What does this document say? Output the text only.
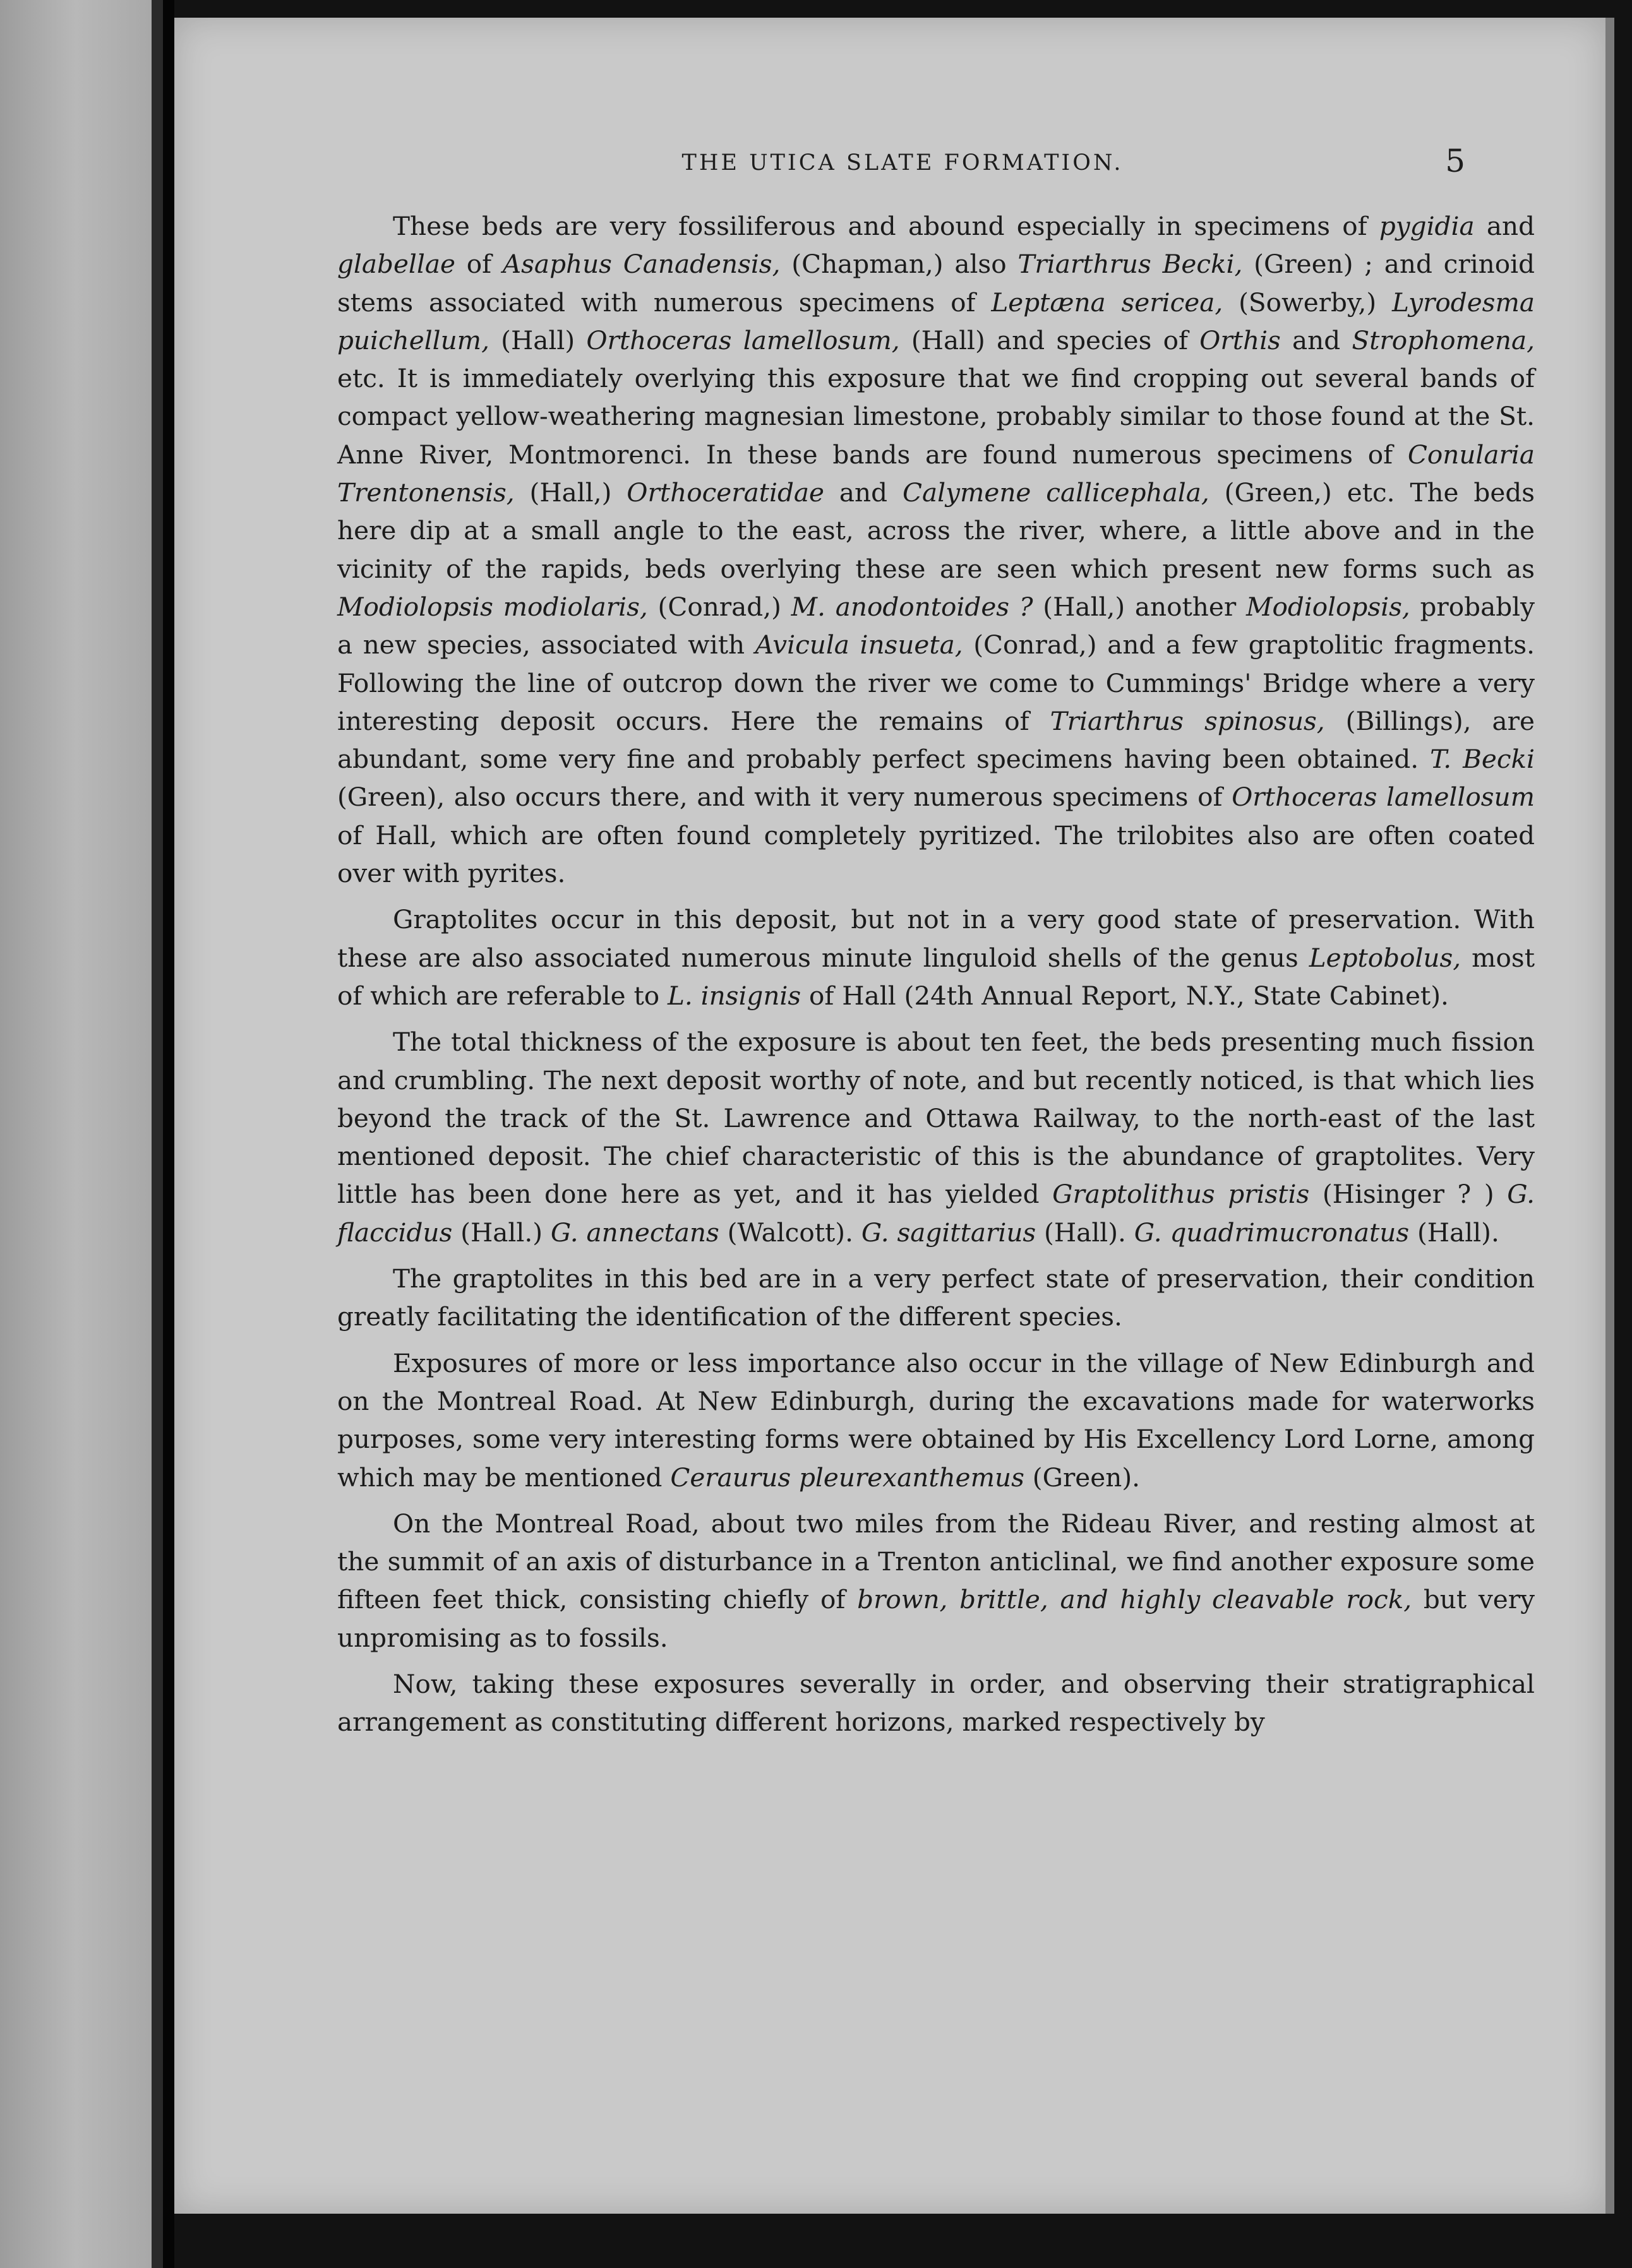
THE UTICA SLATE FORMATION.	5

These beds are very fossiliferous and abound especially in specimens of pygidia and glabellae of Asaphus Canadensis, (Chapman,) also Triarthrus Becki, (Green) ; and crinoid stems associated with numerous specimens of Leptæna sericea, (Sowerby,) Lyrodesma puichellum, (Hall) Orthoceras lamellosum, (Hall) and species of Orthis and Strophomena, etc. It is immediately overlying this exposure that we find cropping out several bands of compact yellow-weathering magnesian limestone, probably similar to those found at the St. Anne River, Montmorenci. In these bands are found numerous specimens of Conularia Trentonensis, (Hall,) Orthoceratidae and Calymene callicephala, (Green,) etc. The beds here dip at a small angle to the east, across the river, where, a little above and in the vicinity of the rapids, beds overlying these are seen which present new forms such as Modiolopsis modiolaris, (Conrad,) M. anodontoides ? (Hall,) another Modiolopsis, probably a new species, associated with Avicula insueta, (Conrad,) and a few graptolitic fragments. Following the line of outcrop down the river we come to Cummings' Bridge where a very interesting deposit occurs. Here the remains of Triarthrus spinosus, (Billings), are abundant, some very fine and probably perfect specimens having been obtained. T. Becki (Green), also occurs there, and with it very numerous specimens of Orthoceras lamellosum of Hall, which are often found completely pyritized. The trilobites also are often coated over with pyrites.

Graptolites occur in this deposit, but not in a very good state of preservation. With these are also associated numerous minute linguloid shells of the genus Leptobolus, most of which are referable to L. insignis of Hall (24th Annual Report, N.Y., State Cabinet).

The total thickness of the exposure is about ten feet, the beds presenting much fission and crumbling. The next deposit worthy of note, and but recently noticed, is that which lies beyond the track of the St. Lawrence and Ottawa Railway, to the north-east of the last mentioned deposit. The chief characteristic of this is the abundance of graptolites. Very little has been done here as yet, and it has yielded Graptolithus pristis (Hisinger ? ) G. flaccidus (Hall.) G. annectans (Walcott). G. sagittarius (Hall). G. quadrimucronatus (Hall).

The graptolites in this bed are in a very perfect state of preservation, their condition greatly facilitating the identification of the different species.

Exposures of more or less importance also occur in the village of New Edinburgh and on the Montreal Road. At New Edinburgh, during the excavations made for waterworks purposes, some very interesting forms were obtained by His Excellency Lord Lorne, among which may be mentioned Ceraurus pleurexanthemus (Green).

On the Montreal Road, about two miles from the Rideau River, and resting almost at the summit of an axis of disturbance in a Trenton anticlinal, we find another exposure some fifteen feet thick, consisting chiefly of brown, brittle, and highly cleavable rock, but very unpromising as to fossils.

Now, taking these exposures severally in order, and observing their stratigraphical arrangement as constituting different horizons, marked respectively by
